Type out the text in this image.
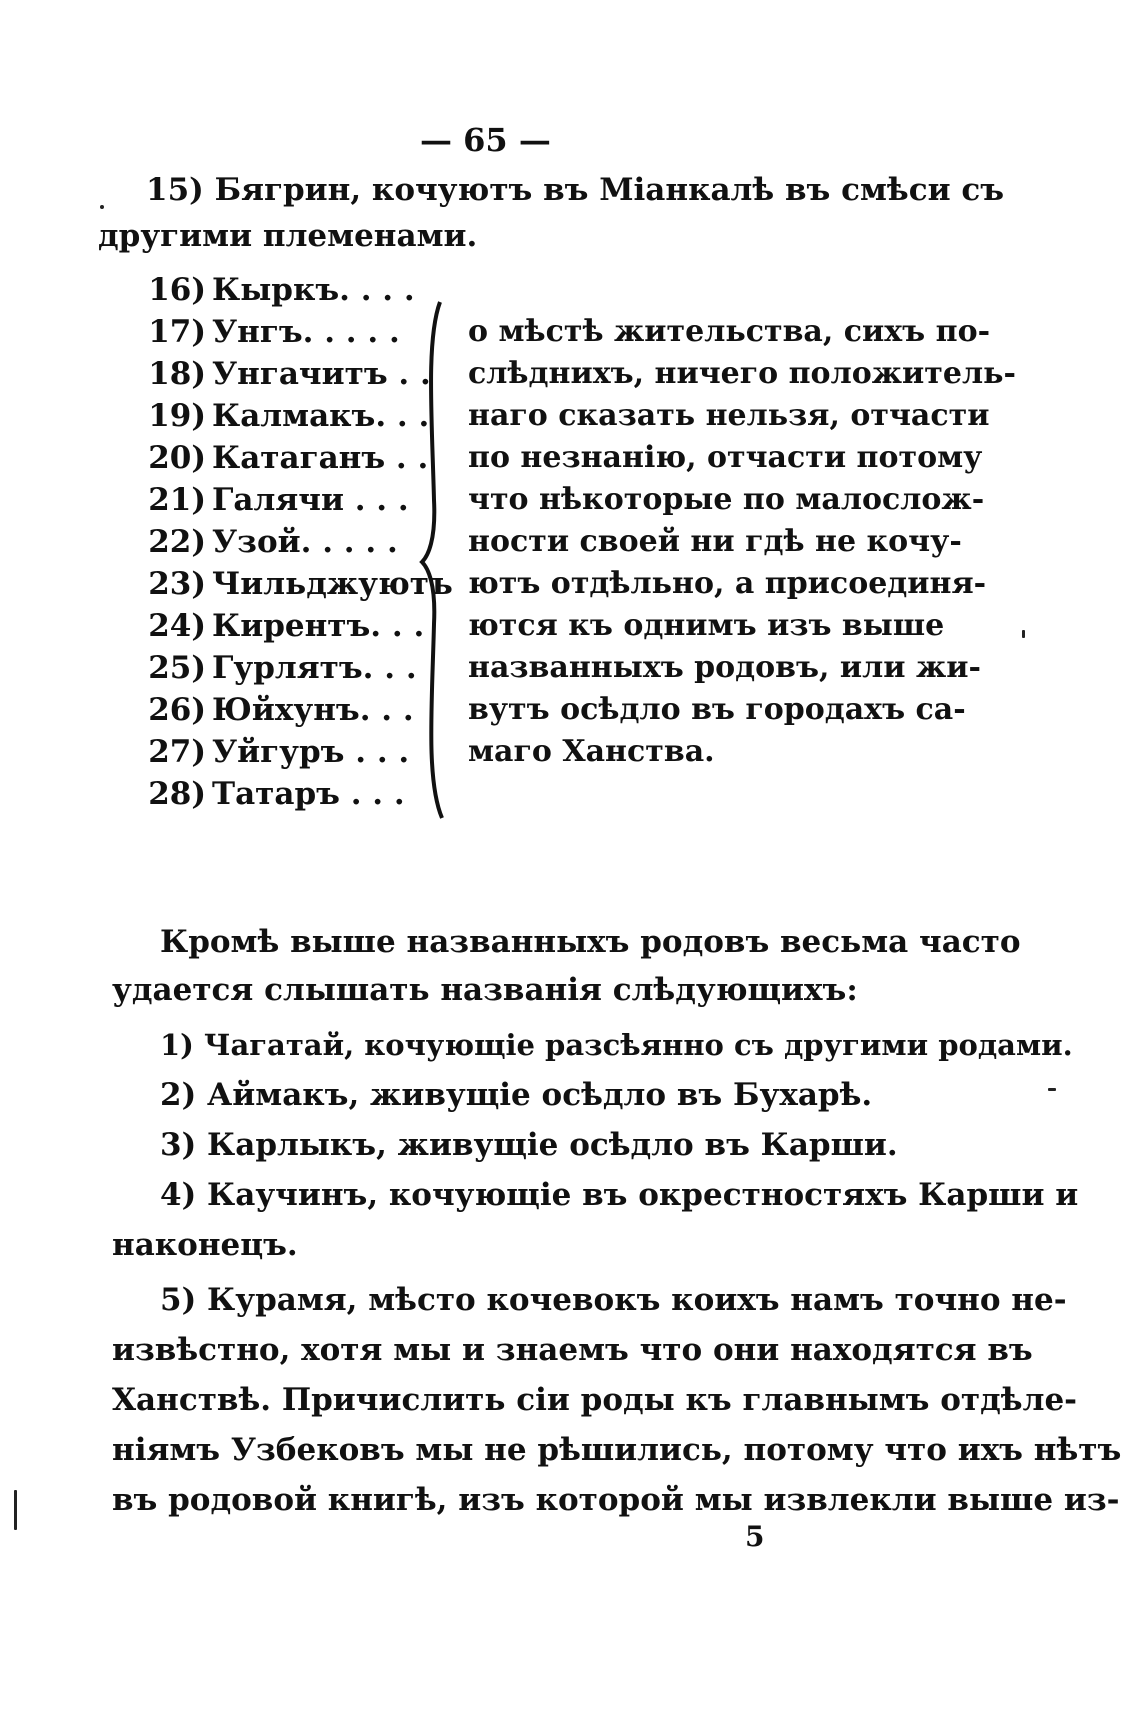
— 65 —
15) Бягрин, кочуютъ въ Міанкалѣ въ смѣси съ
другими племенами.
16) Кыркъ. . . .
17) Унгъ. . . . .
18) Унгачитъ . .
19) Калмакъ. . .
20) Катаганъ . .
21) Галячи . . .
22) Узой. . . . .
23) Чильджуютъ
24) Кирентъ. . .
25) Гурлятъ. . .
26) Юйхунъ. . .
27) Уйгуръ . . .
28) Татаръ . . .
о мѣстѣ жительства, сихъ по-
слѣднихъ, ничего положитель-
наго сказать нельзя, отчасти
по незнанію, отчасти потому
что нѣкоторые по малослож-
ности своей ни гдѣ не кочу-
ютъ отдѣльно, а присоединя-
ются къ однимъ изъ выше
названныхъ родовъ, или жи-
вутъ осѣдло въ городахъ са-
маго Ханства.
Кромѣ выше названныхъ родовъ весьма часто
удается слышать названія слѣдующихъ:
1) Чагатай, кочующіе разсѣянно съ другими родами.
2) Аймакъ, живущіе осѣдло въ Бухарѣ.
3) Карлыкъ, живущіе осѣдло въ Карши.
4) Каучинъ, кочующіе въ окрестностяхъ Карши и
наконецъ.
5) Курамя, мѣсто кочевокъ коихъ намъ точно не-
извѣстно, хотя мы и знаемъ что они находятся въ
Ханствѣ. Причислить сіи роды къ главнымъ отдѣле-
ніямъ Узбековъ мы не рѣшились, потому что ихъ нѣтъ
въ родовой книгѣ, изъ которой мы извлекли выше из-
5
